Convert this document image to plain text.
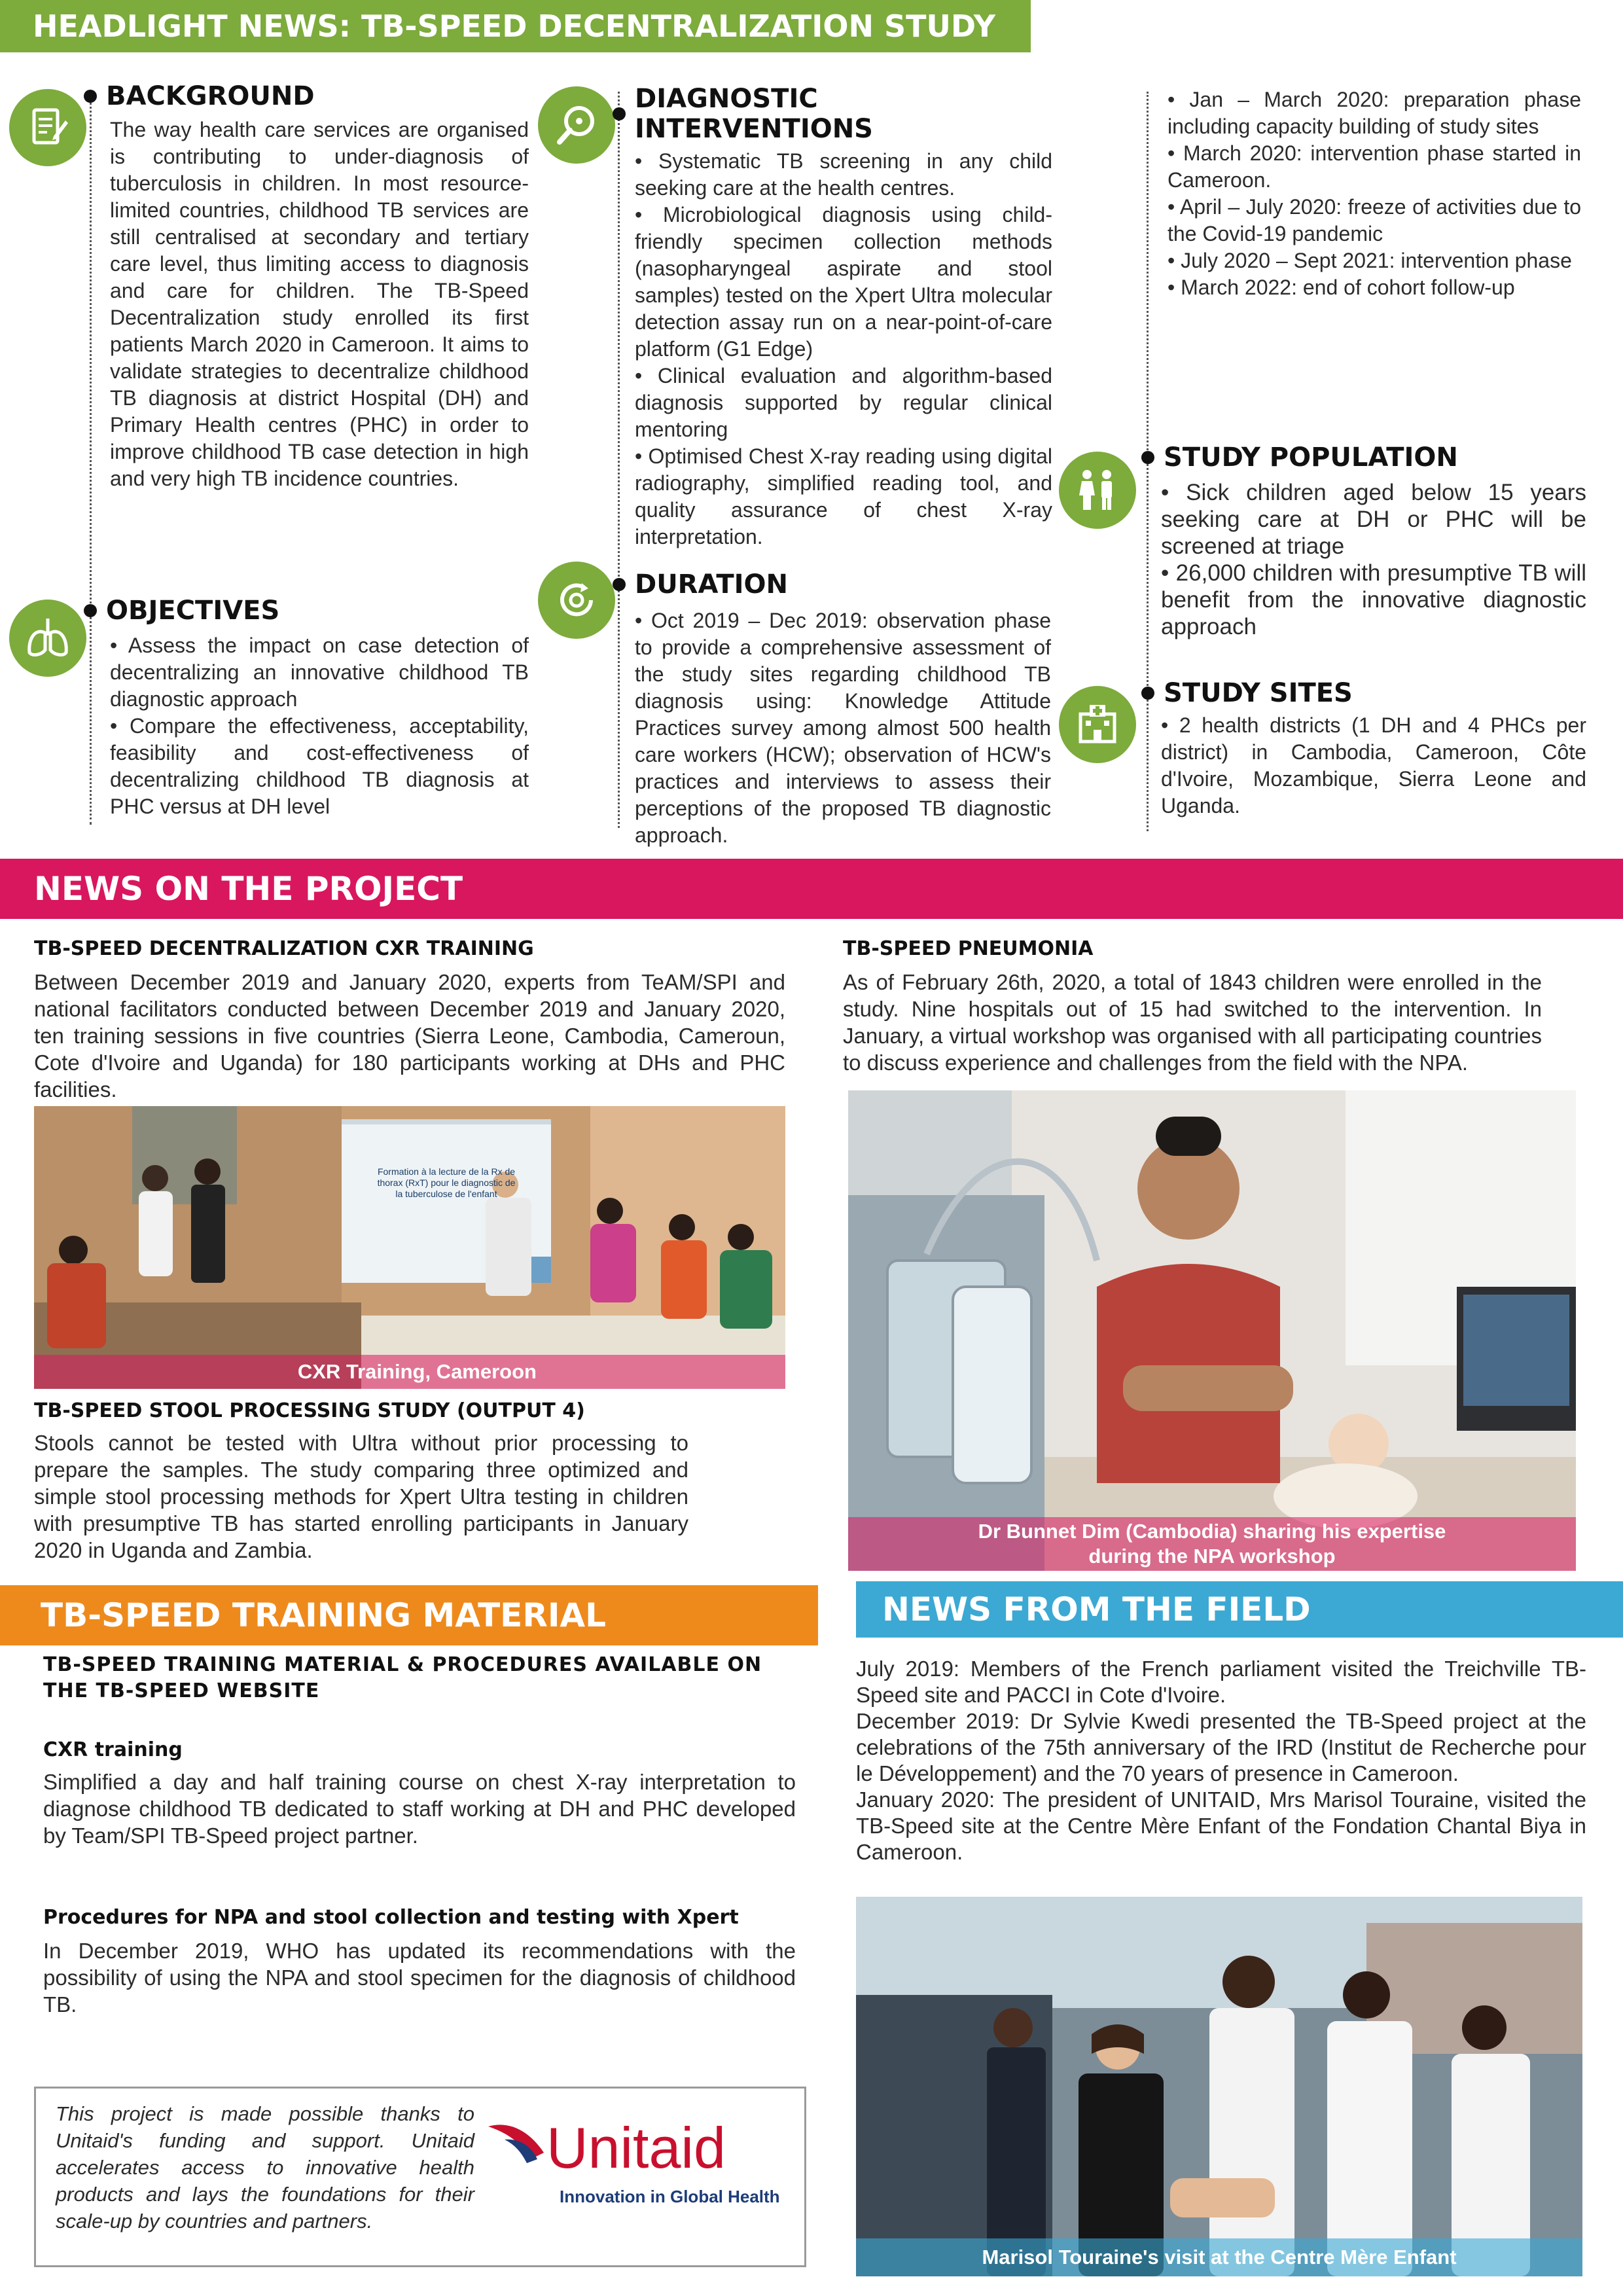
HEADLIGHT NEWS: TB-SPEED DECENTRALIZATION STUDY
BACKGROUND
The way health care services are organised is contributing to under-diagnosis of tuberculosis in children. In most resource-limited countries, childhood TB services are still centralised at secondary and tertiary care level, thus limiting access to diagnosis and care for children. The TB-Speed Decentralization study enrolled its first patients March 2020 in Cameroon. It aims to validate strategies to decentralize childhood TB diagnosis at district Hospital (DH) and Primary Health centres (PHC) in order to improve childhood TB case detection in high and very high TB incidence countries.
OBJECTIVES

• Assess the impact on case detection of decentralizing an innovative childhood TB diagnostic approach

• Compare the effectiveness, acceptability, feasibility and cost-effectiveness of decentralizing childhood TB diagnosis at PHC versus at DH level

DIAGNOSTIC INTERVENTIONS

• Systematic TB screening in any child seeking care at the health centres.

• Microbiological diagnosis using child-friendly specimen collection methods (nasopharyngeal aspirate and stool samples) tested on the Xpert Ultra molecular detection assay run on a near-point-of-care platform (G1 Edge)

• Clinical evaluation and algorithm-based diagnosis supported by regular clinical mentoring

• Optimised Chest X-ray reading using digital radiography, simplified reading tool, and quality assurance of chest X-ray interpretation.

DURATION

• Oct 2019 – Dec 2019: observation phase to provide a comprehensive assessment of the study sites regarding childhood TB diagnosis using: Knowledge Attitude Practices survey among almost 500 health care workers (HCW); observation of HCW's practices and interviews to assess their perceptions of the proposed TB diagnostic approach.

• Jan – March 2020: preparation phase including capacity building of study sites

• March 2020: intervention phase started in Cameroon.

• April – July 2020: freeze of activities due to the Covid-19 pandemic

• July 2020 – Sept 2021: intervention phase

• March 2022: end of cohort follow-up

STUDY POPULATION

• Sick children aged below 15 years seeking care at DH or PHC will be screened at triage

• 26,000 children with presumptive TB will benefit from the innovative diagnostic approach

STUDY SITES

• 2 health districts (1 DH and 4 PHCs per district) in Cambodia, Cameroon, Côte d'Ivoire, Mozambique, Sierra Leone and Uganda.

NEWS ON THE PROJECT
TB-SPEED DECENTRALIZATION CXR TRAINING
Between December 2019 and January 2020, experts from TeAM/SPI and national facilitators conducted between December 2019 and January 2020, ten training sessions in five countries (Sierra Leone, Cambodia, Cameroun, Cote d'Ivoire and Uganda) for 180 participants working at DHs and PHC facilities.
Formation à la lecture de la Rx de thorax (RxT) pour le diagnostic de la tuberculose de l'enfant
CXR Training, Cameroon
TB-SPEED STOOL PROCESSING STUDY (OUTPUT 4)
Stools cannot be tested with Ultra without prior processing to prepare the samples. The study comparing three optimized and simple stool processing methods for Xpert Ultra testing in children with presumptive TB has started enrolling participants in January 2020 in Uganda and Zambia.
TB-SPEED PNEUMONIA
As of February 26th, 2020, a total of 1843 children were enrolled in the study. Nine hospitals out of 15 had switched to the intervention. In January, a virtual workshop was organised with all participating countries to discuss experience and challenges from the field with the NPA.
Dr Bunnet Dim (Cambodia) sharing his expertise
during the NPA workshop
TB-SPEED TRAINING MATERIAL
TB-SPEED TRAINING MATERIAL & PROCEDURES AVAILABLE ON THE TB-SPEED WEBSITE
CXR training
Simplified a day and half training course on chest X-ray interpretation to diagnose childhood TB dedicated to staff working at DH and PHC developed by Team/SPI TB-Speed project partner.
Procedures for NPA and stool collection and testing with Xpert
In December 2019, WHO has updated its recommendations with the possibility of using the NPA and stool specimen for the diagnosis of childhood TB.
This project is made possible thanks to Unitaid's funding and support. Unitaid accelerates access to innovative health products and lays the foundations for their scale-up by countries and partners.
Unitaid
Innovation in Global Health
NEWS FROM THE FIELD

July 2019: Members of the French parliament visited the Treichville TB-Speed site and PACCI in Cote d'Ivoire.

December 2019: Dr Sylvie Kwedi presented the TB-Speed project at the celebrations of the 75th anniversary of the IRD (Institut de Recherche pour le Développement) and the 70 years of presence in Cameroon.

January 2020: The president of UNITAID, Mrs Marisol Touraine, visited the TB-Speed site at the Centre Mère Enfant of the Fondation Chantal Biya in Cameroon.

Marisol Touraine's visit at the Centre Mère Enfant
